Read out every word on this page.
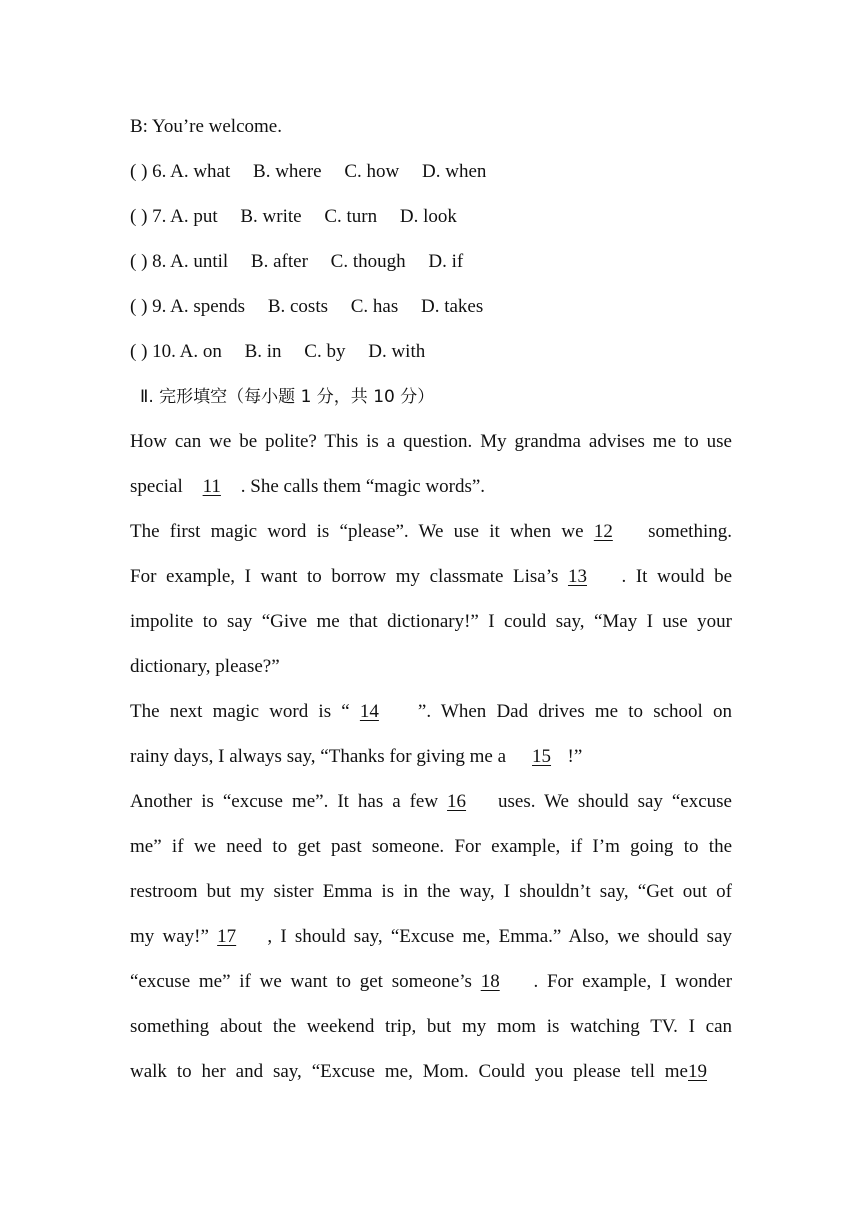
B: You’re welcome.
( ) 6. A. what B. where C. how D. when
( ) 7. A. put B. write C. turn D. look
( ) 8. A. until B. after C. though D. if
( ) 9. A. spends B. costs C. has D. takes
( ) 10. A. on B. in C. by D. with
Ⅱ. 完形填空（每小题 1 分，共 10 分）
How can we be polite? This is a question. My grandma advises me to use
special 11 . She calls them “magic words”.
The first magic word is “please”. We use it when we 12 something.
For example, I want to borrow my classmate Lisa’s 13 . It would be
impolite to say “Give me that dictionary!” I could say, “May I use your
dictionary, please?”
The next magic word is “ 14 ”. When Dad drives me to school on
rainy days, I always say, “Thanks for giving me a 15 !”
Another is “excuse me”. It has a few 16 uses. We should say “excuse
me” if we need to get past someone. For example, if I’m going to the
restroom but my sister Emma is in the way, I shouldn’t say, “Get out of
my way!” 17 , I should say, “Excuse me, Emma.” Also, we should say
“excuse me” if we want to get someone’s 18 . For example, I wonder
something about the weekend trip, but my mom is watching TV. I can
walk to her and say, “Excuse me, Mom. Could you please tell me19
